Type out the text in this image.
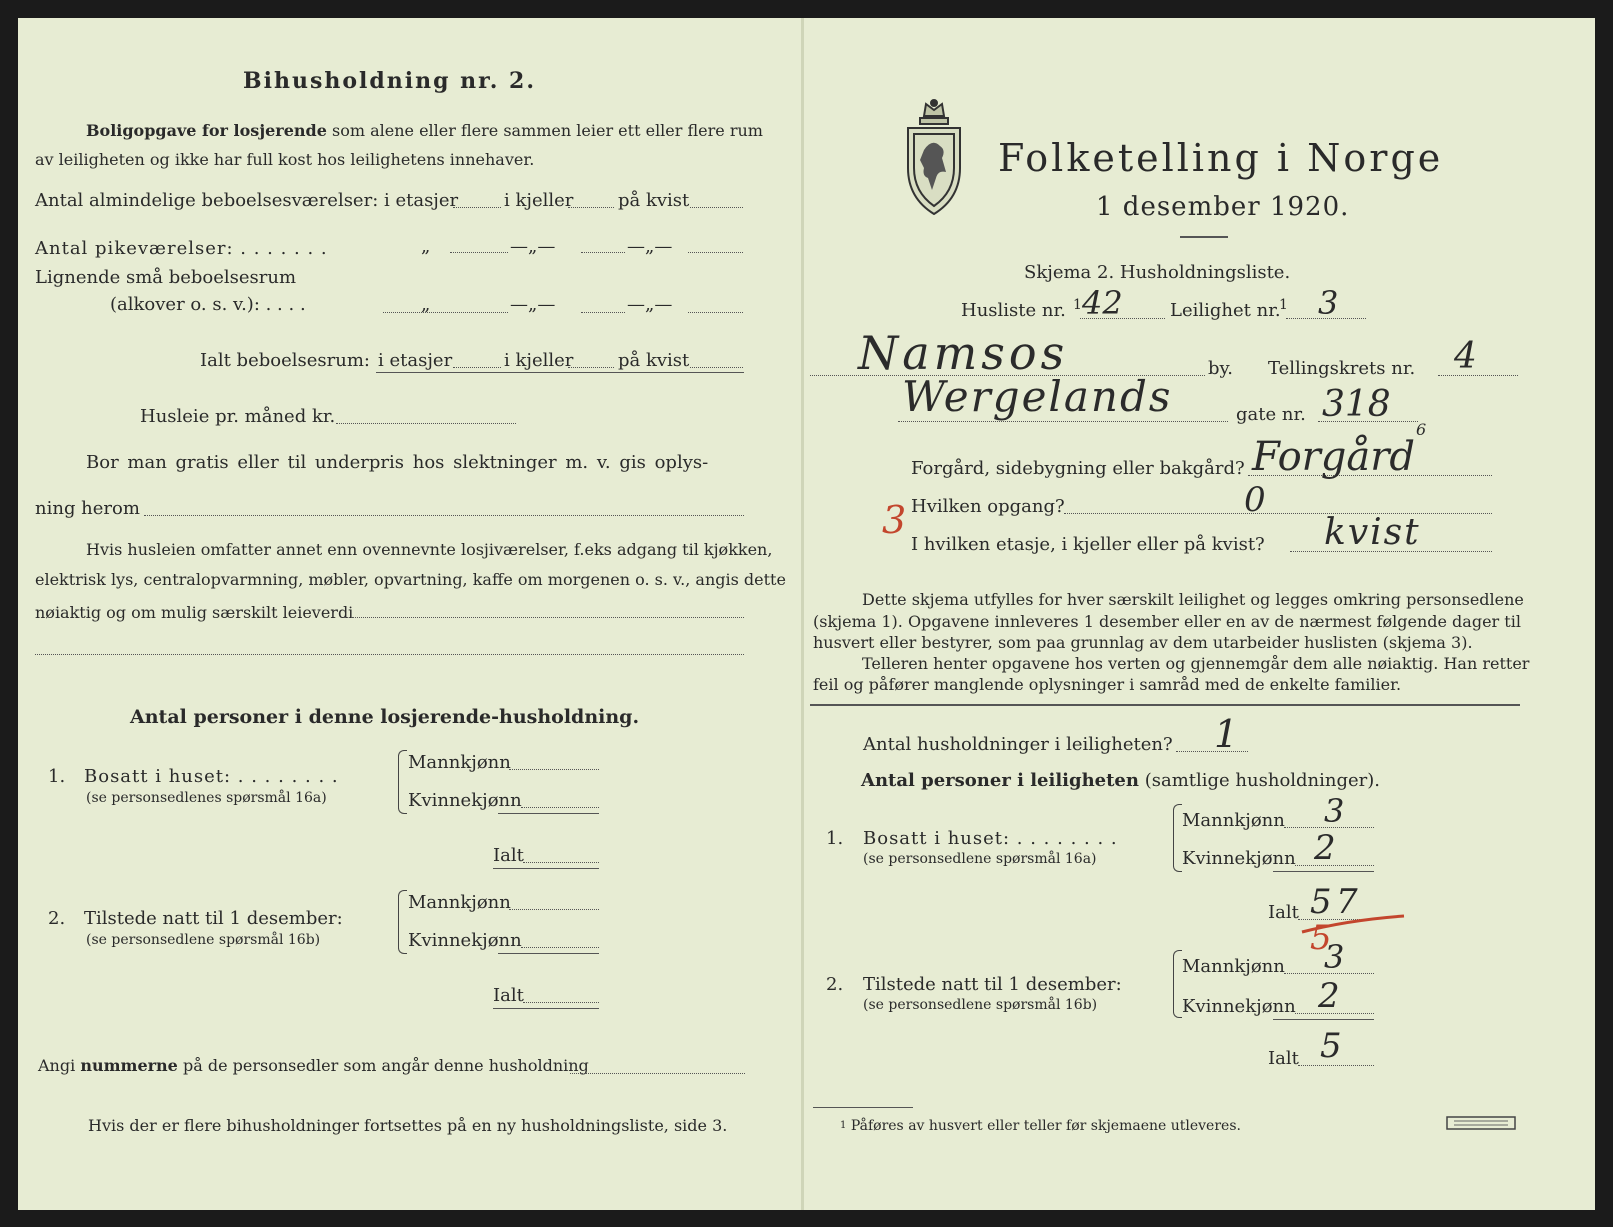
Bihusholdning nr. 2.
Boligopgave for losjerende som alene eller flere sammen leier ett eller flere rum
av leiligheten og ikke har full kost hos leilighetens innehaver.
Antal almindelige beboelsesværelser: i etasjer	i kjeller på kvist
Antal pikeværelser: . . . . . . .	„	—„—	—„—
Lignende små beboelsesrum
(alkover o. s. v.): . . . .	„	—„—	—„—
Ialt beboelsesrum: i etasjer	i kjeller på kvist
Husleie pr. måned kr.
Bor man gratis eller til underpris hos slektninger m. v. gis oplys-
ning herom
Hvis husleien omfatter annet enn ovennevnte losjiværelser, f.eks adgang til kjøkken,
elektrisk lys, centralopvarmning, møbler, opvartning, kaffe om morgenen o. s. v., angis dette
nøiaktig og om mulig særskilt leieverdi
Antal personer i denne losjerende-husholdning.
1. Bosatt i huset: . . . . . . . .
(se personsedlenes spørsmål 16a)
Mannkjønn
Kvinnekjønn
Ialt
2. Tilstede natt til 1 desember:
(se personsedlene spørsmål 16b)
Mannkjønn
Kvinnekjønn
Ialt
Angi nummerne på de personsedler som angår denne husholdning
Hvis der er flere bihusholdninger fortsettes på en ny husholdningsliste, side 3.
Folketelling i Norge
1 desember 1920.
Skjema 2. Husholdningsliste.
Husliste nr. 1 42	Leilighet nr.
1 3
Namsos	by. Tellingskrets nr. 4
Wergelands	gate nr. 318
6
Forgård, sidebygning eller bakgård? Forgård
3 Hvilken opgang?	0
I hvilken etasje, i kjeller eller på kvist? kvist
Dette skjema utfylles for hver særskilt leilighet og legges omkring personsedlene
(skjema 1). Opgavene innleveres 1 desember eller en av de nærmest følgende dager til
husvert eller bestyrer, som paa grunnlag av dem utarbeider huslisten (skjema 3).
Telleren henter opgavene hos verten og gjennemgår dem alle nøiaktig. Han retter
feil og påfører manglende oplysninger i samråd med de enkelte familier.
Antal husholdninger i leiligheten? 1
Antal personer i leiligheten (samtlige husholdninger).
1. Bosatt i huset: . . . . . . . .
(se personsedlene spørsmål 16a)
Mannkjønn 3
Kvinnekjønn 2
Ialt 5 7
5
2. Tilstede natt til 1 desember:
(se personsedlene spørsmål 16b)
Mannkjønn 3
Kvinnekjønn 2
Ialt 5
$^1$ Påføres av husvert eller teller før skjemaene utleveres.
